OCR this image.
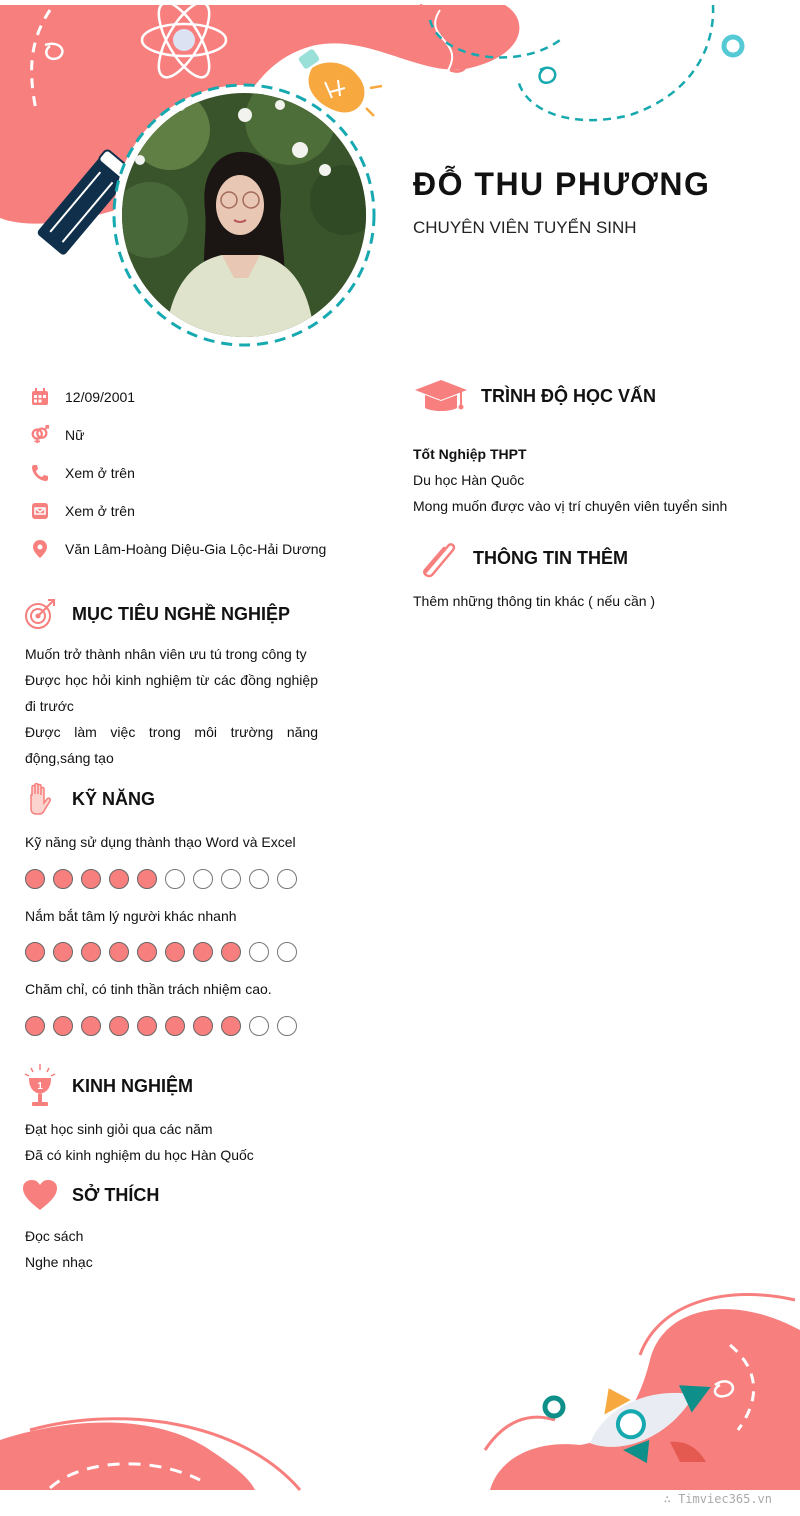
ĐỖ THU PHƯƠNG
CHUYÊN VIÊN TUYỂN SINH
12/09/2001
Nữ
Xem ở trên
Xem ở trên
Văn Lâm-Hoàng Diệu-Gia Lộc-Hải Dương
MỤC TIÊU NGHỀ NGHIỆP
Muốn trở thành nhân viên ưu tú trong công ty
Được học hỏi kinh nghiệm từ các đồng nghiệp đi trước
Được làm việc trong môi trường năng động,sáng tạo
KỸ NĂNG
Kỹ năng sử dụng thành thạo Word và Excel
Nắm bắt tâm lý người khác nhanh
Chăm chỉ, có tinh thần trách nhiệm cao.
1 KINH NGHIỆM
Đạt học sinh giỏi qua các năm
Đã có kinh nghiệm du học Hàn Quốc
SỞ THÍCH
Đọc sách
Nghe nhạc
TRÌNH ĐỘ HỌC VẤN
Tốt Nghiệp THPT
Du học Hàn Quôc
Mong muốn được vào vị trí chuyên viên tuyển sinh
THÔNG TIN THÊM
Thêm những thông tin khác ( nếu cần )
∴ Timviec365.vn
